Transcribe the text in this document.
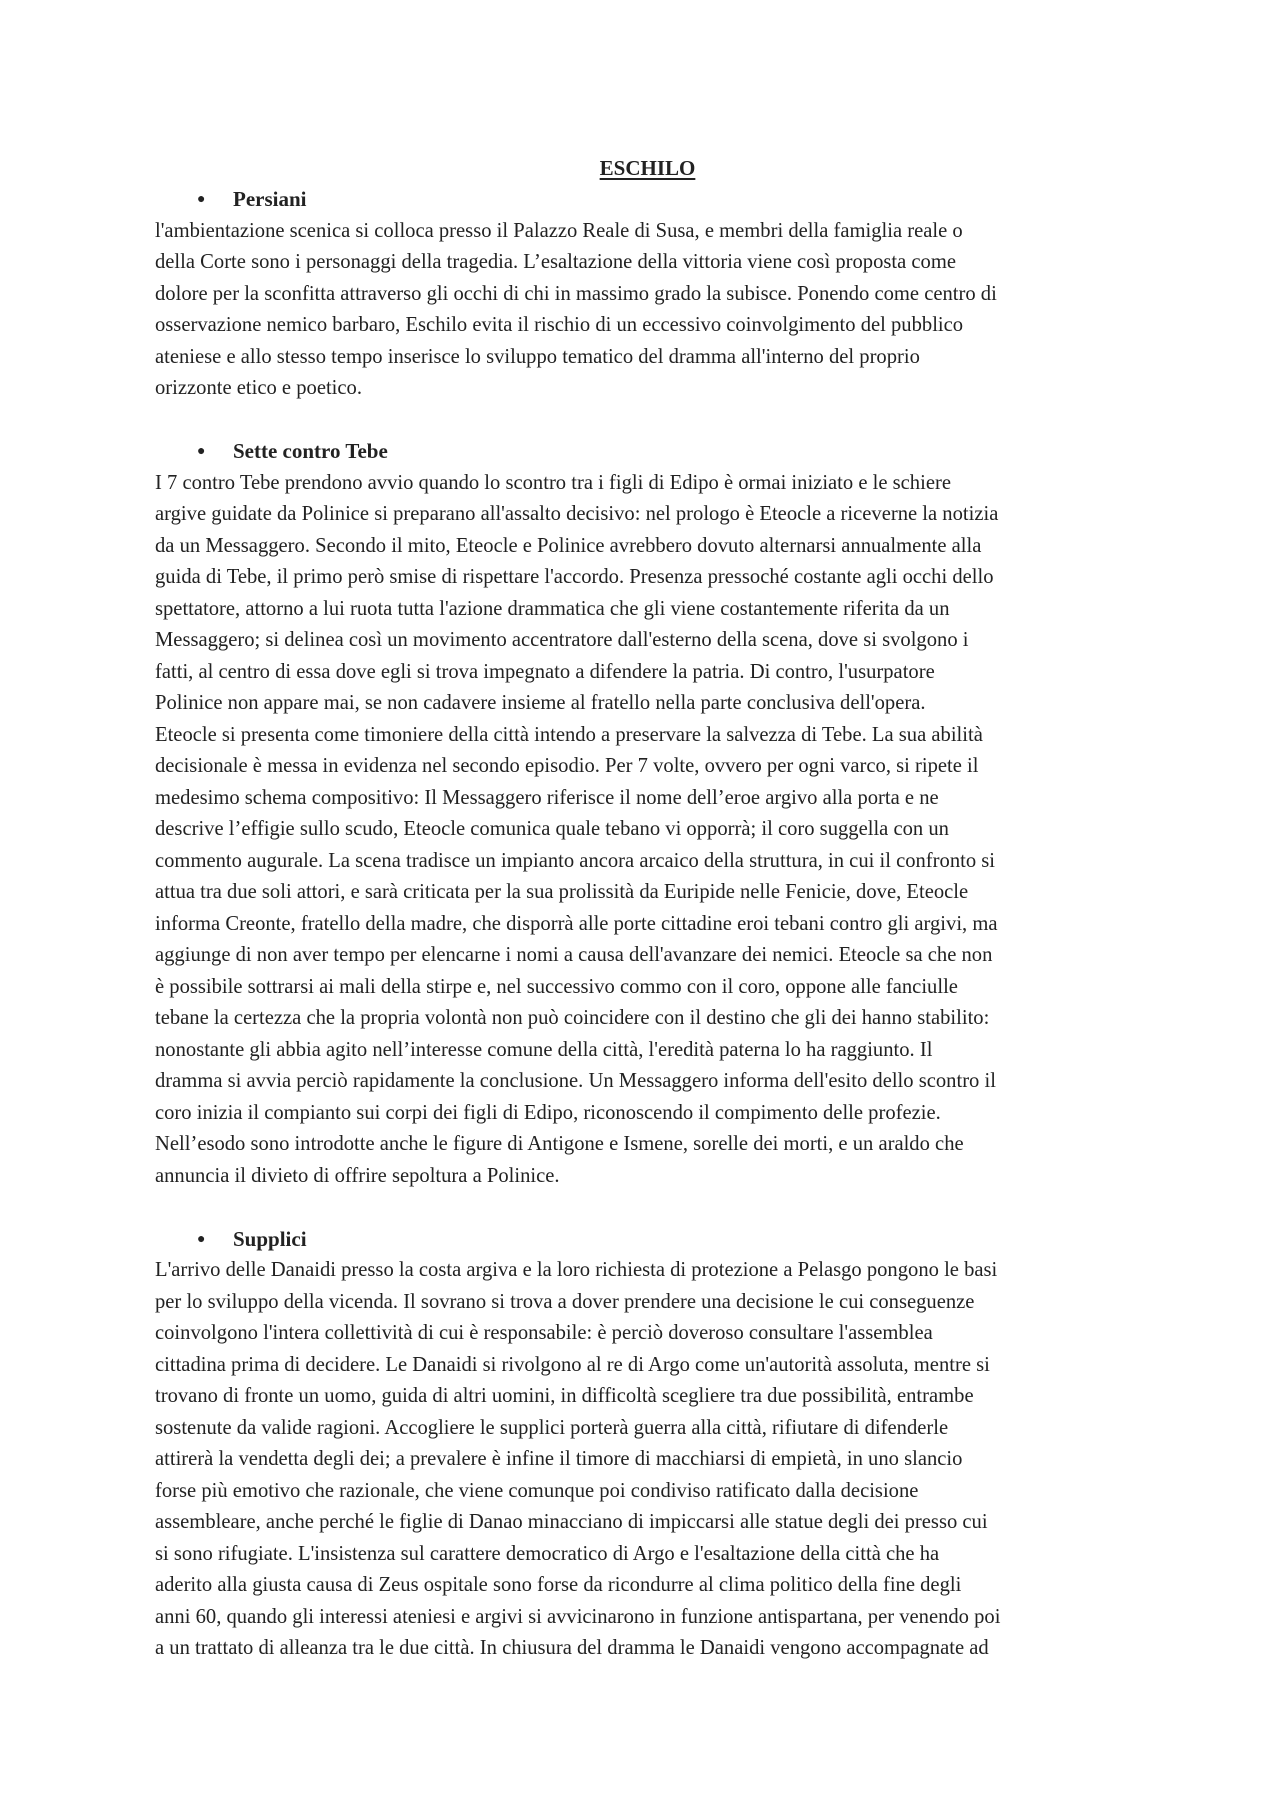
ESCHILO
● Persiani
l'ambientazione scenica si colloca presso il Palazzo Reale di Susa, e membri della famiglia reale o
della Corte sono i personaggi della tragedia. L’esaltazione della vittoria viene così proposta come
dolore per la sconfitta attraverso gli occhi di chi in massimo grado la subisce. Ponendo come centro di
osservazione nemico barbaro, Eschilo evita il rischio di un eccessivo coinvolgimento del pubblico
ateniese e allo stesso tempo inserisce lo sviluppo tematico del dramma all'interno del proprio
orizzonte etico e poetico.
● Sette contro Tebe
I 7 contro Tebe prendono avvio quando lo scontro tra i figli di Edipo è ormai iniziato e le schiere
argive guidate da Polinice si preparano all'assalto decisivo: nel prologo è Eteocle a riceverne la notizia
da un Messaggero. Secondo il mito, Eteocle e Polinice avrebbero dovuto alternarsi annualmente alla
guida di Tebe, il primo però smise di rispettare l'accordo. Presenza pressoché costante agli occhi dello
spettatore, attorno a lui ruota tutta l'azione drammatica che gli viene costantemente riferita da un
Messaggero; si delinea così un movimento accentratore dall'esterno della scena, dove si svolgono i
fatti, al centro di essa dove egli si trova impegnato a difendere la patria. Di contro, l'usurpatore
Polinice non appare mai, se non cadavere insieme al fratello nella parte conclusiva dell'opera.
Eteocle si presenta come timoniere della città intendo a preservare la salvezza di Tebe. La sua abilità
decisionale è messa in evidenza nel secondo episodio. Per 7 volte, ovvero per ogni varco, si ripete il
medesimo schema compositivo: Il Messaggero riferisce il nome dell’eroe argivo alla porta e ne
descrive l’effigie sullo scudo, Eteocle comunica quale tebano vi opporrà; il coro suggella con un
commento augurale. La scena tradisce un impianto ancora arcaico della struttura, in cui il confronto si
attua tra due soli attori, e sarà criticata per la sua prolissità da Euripide nelle Fenicie, dove, Eteocle
informa Creonte, fratello della madre, che disporrà alle porte cittadine eroi tebani contro gli argivi, ma
aggiunge di non aver tempo per elencarne i nomi a causa dell'avanzare dei nemici. Eteocle sa che non
è possibile sottrarsi ai mali della stirpe e, nel successivo commo con il coro, oppone alle fanciulle
tebane la certezza che la propria volontà non può coincidere con il destino che gli dei hanno stabilito:
nonostante gli abbia agito nell’interesse comune della città, l'eredità paterna lo ha raggiunto. Il
dramma si avvia perciò rapidamente la conclusione. Un Messaggero informa dell'esito dello scontro il
coro inizia il compianto sui corpi dei figli di Edipo, riconoscendo il compimento delle profezie.
Nell’esodo sono introdotte anche le figure di Antigone e Ismene, sorelle dei morti, e un araldo che
annuncia il divieto di offrire sepoltura a Polinice.
● Supplici
L'arrivo delle Danaidi presso la costa argiva e la loro richiesta di protezione a Pelasgo pongono le basi
per lo sviluppo della vicenda. Il sovrano si trova a dover prendere una decisione le cui conseguenze
coinvolgono l'intera collettività di cui è responsabile: è perciò doveroso consultare l'assemblea
cittadina prima di decidere. Le Danaidi si rivolgono al re di Argo come un'autorità assoluta, mentre si
trovano di fronte un uomo, guida di altri uomini, in difficoltà scegliere tra due possibilità, entrambe
sostenute da valide ragioni. Accogliere le supplici porterà guerra alla città, rifiutare di difenderle
attirerà la vendetta degli dei; a prevalere è infine il timore di macchiarsi di empietà, in uno slancio
forse più emotivo che razionale, che viene comunque poi condiviso ratificato dalla decisione
assembleare, anche perché le figlie di Danao minacciano di impiccarsi alle statue degli dei presso cui
si sono rifugiate. L'insistenza sul carattere democratico di Argo e l'esaltazione della città che ha
aderito alla giusta causa di Zeus ospitale sono forse da ricondurre al clima politico della fine degli
anni 60, quando gli interessi ateniesi e argivi si avvicinarono in funzione antispartana, per venendo poi
a un trattato di alleanza tra le due città. In chiusura del dramma le Danaidi vengono accompagnate ad
